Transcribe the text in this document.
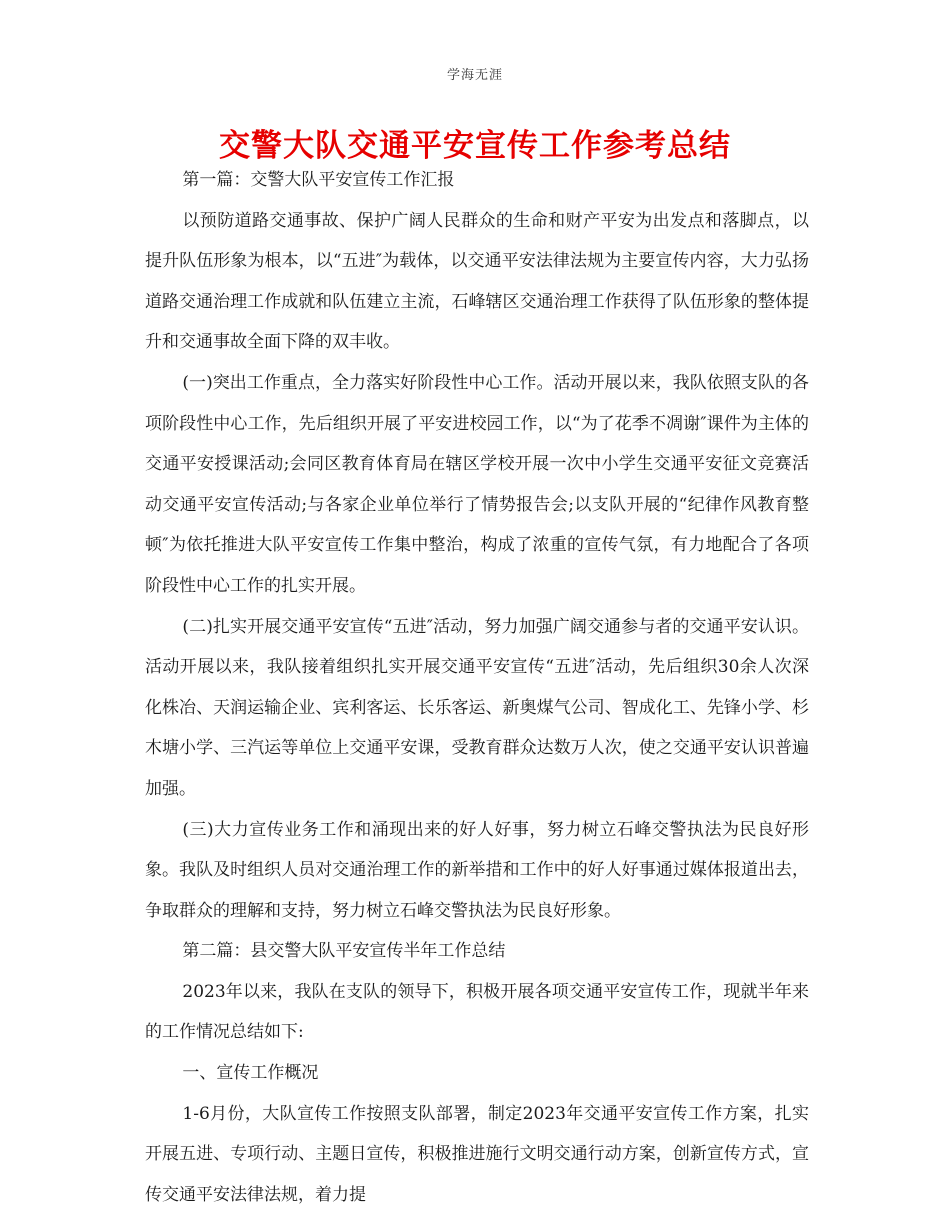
学海无涯
交警大队交通平安宣传工作参考总结

第一篇：交警大队平安宣传工作汇报

以预防道路交通事故、保护广阔人民群众的生命和财产平安为出发点和落脚点，以提升队伍形象为根本，以“五进″为载体，以交通平安法律法规为主要宣传内容，大力弘扬道路交通治理工作成就和队伍建立主流，石峰辖区交通治理工作获得了队伍形象的整体提升和交通事故全面下降的双丰收。

(一)突出工作重点，全力落实好阶段性中心工作。活动开展以来，我队依照支队的各项阶段性中心工作，先后组织开展了平安进校园工作，以“为了花季不凋谢″课件为主体的交通平安授课活动;会同区教育体育局在辖区学校开展一次中小学生交通平安征文竞赛活动交通平安宣传活动;与各家企业单位举行了情势报告会;以支队开展的“纪律作风教育整顿″为依托推进大队平安宣传工作集中整治，构成了浓重的宣传气氛，有力地配合了各项阶段性中心工作的扎实开展。

(二)扎实开展交通平安宣传“五进″活动，努力加强广阔交通参与者的交通平安认识。活动开展以来，我队接着组织扎实开展交通平安宣传“五进″活动，先后组织30余人次深化株冶、天润运输企业、宾利客运、长乐客运、新奥煤气公司、智成化工、先锋小学、杉木塘小学、三汽运等单位上交通平安课，受教育群众达数万人次，使之交通平安认识普遍加强。

(三)大力宣传业务工作和涌现出来的好人好事，努力树立石峰交警执法为民良好形象。我队及时组织人员对交通治理工作的新举措和工作中的好人好事通过媒体报道出去，争取群众的理解和支持，努力树立石峰交警执法为民良好形象。

第二篇：县交警大队平安宣传半年工作总结

2023年以来，我队在支队的领导下，积极开展各项交通平安宣传工作，现就半年来的工作情况总结如下:

一、宣传工作概况

1-6月份，大队宣传工作按照支队部署，制定2023年交通平安宣传工作方案，扎实开展五进、专项行动、主题日宣传，积极推进施行文明交通行动方案，创新宣传方式，宣传交通平安法律法规，着力提
